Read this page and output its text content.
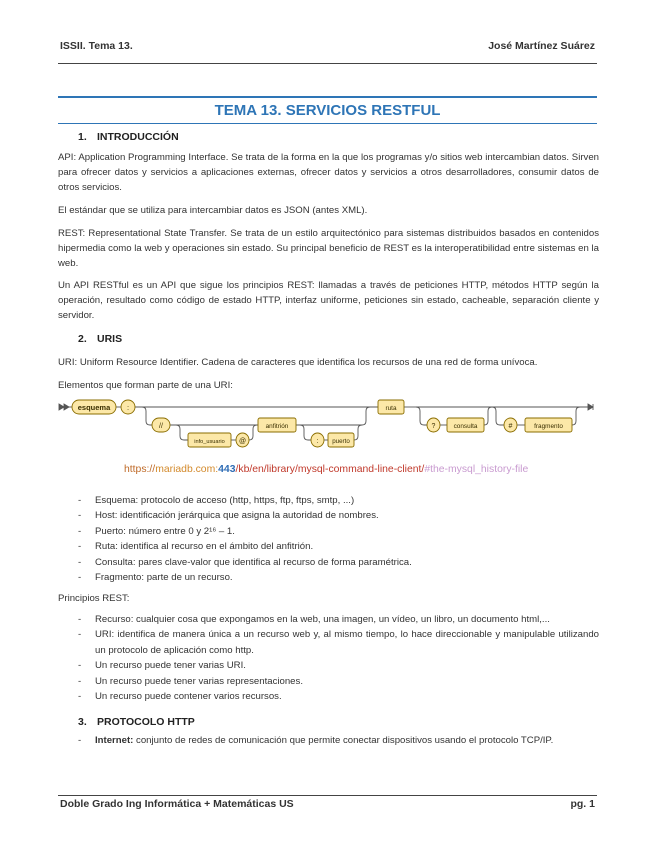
ISSII. Tema 13.	José Martínez Suárez
TEMA 13. SERVICIOS RESTFUL
1. INTRODUCCIÓN

API: Application Programming Interface. Se trata de la forma en la que los programas y/o sitios web intercambian datos. Sirven para ofrecer datos y servicios a aplicaciones externas, ofrecer datos y servicios a otros desarrolladores, consumir datos de otros servicios.

El estándar que se utiliza para intercambiar datos es JSON (antes XML).

REST: Representational State Transfer. Se trata de un estilo arquitectónico para sistemas distribuidos basados en contenidos hipermedia como la web y operaciones sin estado. Su principal beneficio de REST es la interoperatibilidad entre sistemas en la web.

Un API RESTful es un API que sigue los principios REST: llamadas a través de peticiones HTTP, métodos HTTP según la operación, resultado como código de estado HTTP, interfaz uniforme, peticiones sin estado, cacheable, separación cliente y servidor.

2. URIS

URI: Uniform Resource Identifier. Cadena de caracteres que identifica los recursos de una red de forma unívoca.

Elementos que forman parte de una URI:

esquema :
//
info_usuario @
anfitrión
: puerto
ruta
?	consulta	#	fragmento
https://mariadb.com:443/kb/en/library/mysql-command-line-client/#the-mysql_history-file
- Esquema: protocolo de acceso (http, https, ftp, ftps, smtp, ...)
- Host: identificación jerárquica que asigna la autoridad de nombres.
- Puerto: número entre 0 y 2¹⁶ – 1.
- Ruta: identifica al recurso en el ámbito del anfitrión.
- Consulta: pares clave-valor que identifica al recurso de forma paramétrica.
- Fragmento: parte de un recurso.

Principios REST:

- Recurso: cualquier cosa que expongamos en la web, una imagen, un vídeo, un libro, un documento html,...
- URI: identifica de manera única a un recurso web y, al mismo tiempo, lo hace direccionable y manipulable utilizando un protocolo de aplicación como http.
- Un recurso puede tener varias URI.
- Un recurso puede tener varias representaciones.
- Un recurso puede contener varios recursos.
3. PROTOCOLO HTTP
- Internet: conjunto de redes de comunicación que permite conectar dispositivos usando el protocolo TCP/IP.
Doble Grado Ing Informática + Matemáticas US	pg. 1
